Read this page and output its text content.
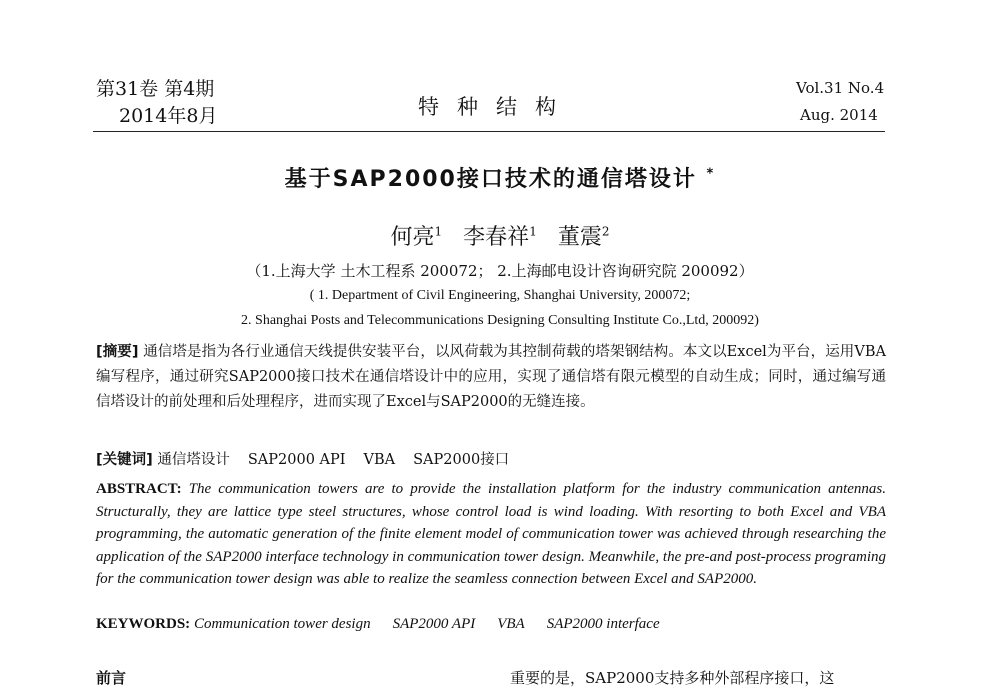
第31卷 第4期
2014年8月	特种结构
Vol.31 No.4
Aug. 2014
基于SAP2000接口技术的通信塔设计 *
何亮$^1$ 李春祥$^1$ 董震$^2$
（1.上海大学 土木工程系 200072； 2.上海邮电设计咨询研究院 200092）
( 1. Department of Civil Engineering, Shanghai University, 200072;
2. Shanghai Posts and Telecommunications Designing Consulting Institute Co.,Ltd, 200092)
[摘要] 通信塔是指为各行业通信天线提供安装平台，以风荷载为其控制荷载的塔架钢结构。本文以Excel为平台，运用VBA编写程序，通过研究SAP2000接口技术在通信塔设计中的应用，实现了通信塔有限元模型的自动生成；同时，通过编写通信塔设计的前处理和后处理程序，进而实现了Excel与SAP2000的无缝连接。
[关键词] 通信塔设计 SAP2000 API VBA SAP2000接口
ABSTRACT: The communication towers are to provide the installation platform for the industry communication antennas. Structurally, they are lattice type steel structures, whose control load is wind loading. With resorting to both Excel and VBA programming, the automatic generation of the finite element model of communication tower was achieved through researching the application of the SAP2000 interface technology in communication tower design. Meanwhile, the pre-and post-process programing for the communication tower design was able to realize the seamless connection between Excel and SAP2000.
KEYWORDS: Communication tower design SAP2000 API VBA SAP2000 interface
前言	重要的是，SAP2000支持多种外部程序接口，这
